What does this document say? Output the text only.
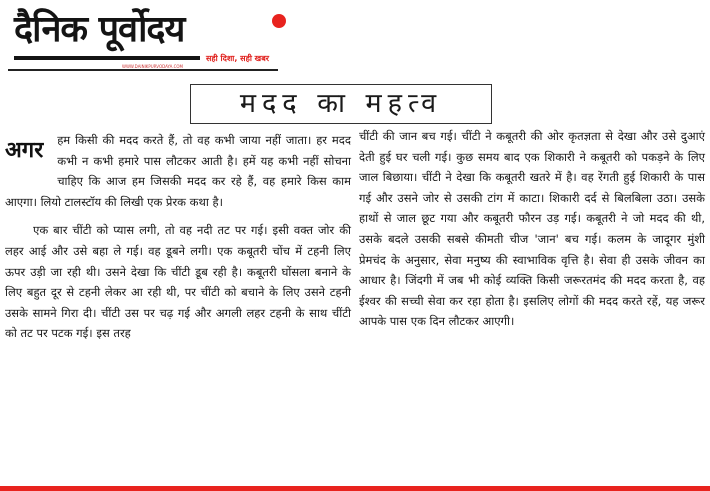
दैनिक पूर्वोदय
WWW.DAINIKPURVODAYA.COM
सही दिशा, सही खबर
मदद का महत्व

अगर हम किसी की मदद करते हैं, तो वह कभी जाया नहीं जाता। हर मदद कभी न कभी हमारे पास लौटकर आती है। हमें यह कभी नहीं सोचना चाहिए कि आज हम जिसकी मदद कर रहे हैं, वह हमारे किस काम आएगा। लियो टालस्टॉय की लिखी एक प्रेरक कथा है।

एक बार चींटी को प्यास लगी, तो वह नदी तट पर गई। इसी वक्त जोर की लहर आई और उसे बहा ले गई। वह डूबने लगी। एक कबूतरी चोंच में टहनी लिए ऊपर उड़ी जा रही थी। उसने देखा कि चींटी डूब रही है। कबूतरी घोंसला बनाने के लिए बहुत दूर से टहनी लेकर आ रही थी, पर चींटी को बचाने के लिए उसने टहनी उसके सामने गिरा दी। चींटी उस पर चढ़ गई और अगली लहर टहनी के साथ चींटी को तट पर पटक गई। इस तरह

चींटी की जान बच गई। चींटी ने कबूतरी की ओर कृतज्ञता से देखा और उसे दुआएं देती हुई घर चली गई। कुछ समय बाद एक शिकारी ने कबूतरी को पकड़ने के लिए जाल बिछाया। चींटी ने देखा कि कबूतरी खतरे में है। वह रेंगती हुई शिकारी के पास गई और उसने जोर से उसकी टांग में काटा। शिकारी दर्द से बिलबिला उठा। उसके हाथों से जाल छूट गया और कबूतरी फौरन उड़ गई। कबूतरी ने जो मदद की थी, उसके बदले उसकी सबसे कीमती चीज 'जान' बच गई। कलम के जादूगर मुंशी प्रेमचंद के अनुसार, सेवा मनुष्य की स्वाभाविक वृत्ति है। सेवा ही उसके जीवन का आधार है। जिंदगी में जब भी कोई व्यक्ति किसी जरूरतमंद की मदद करता है, वह ईश्वर की सच्ची सेवा कर रहा होता है। इसलिए लोगों की मदद करते रहें, यह जरूर आपके पास एक दिन लौटकर आएगी।
